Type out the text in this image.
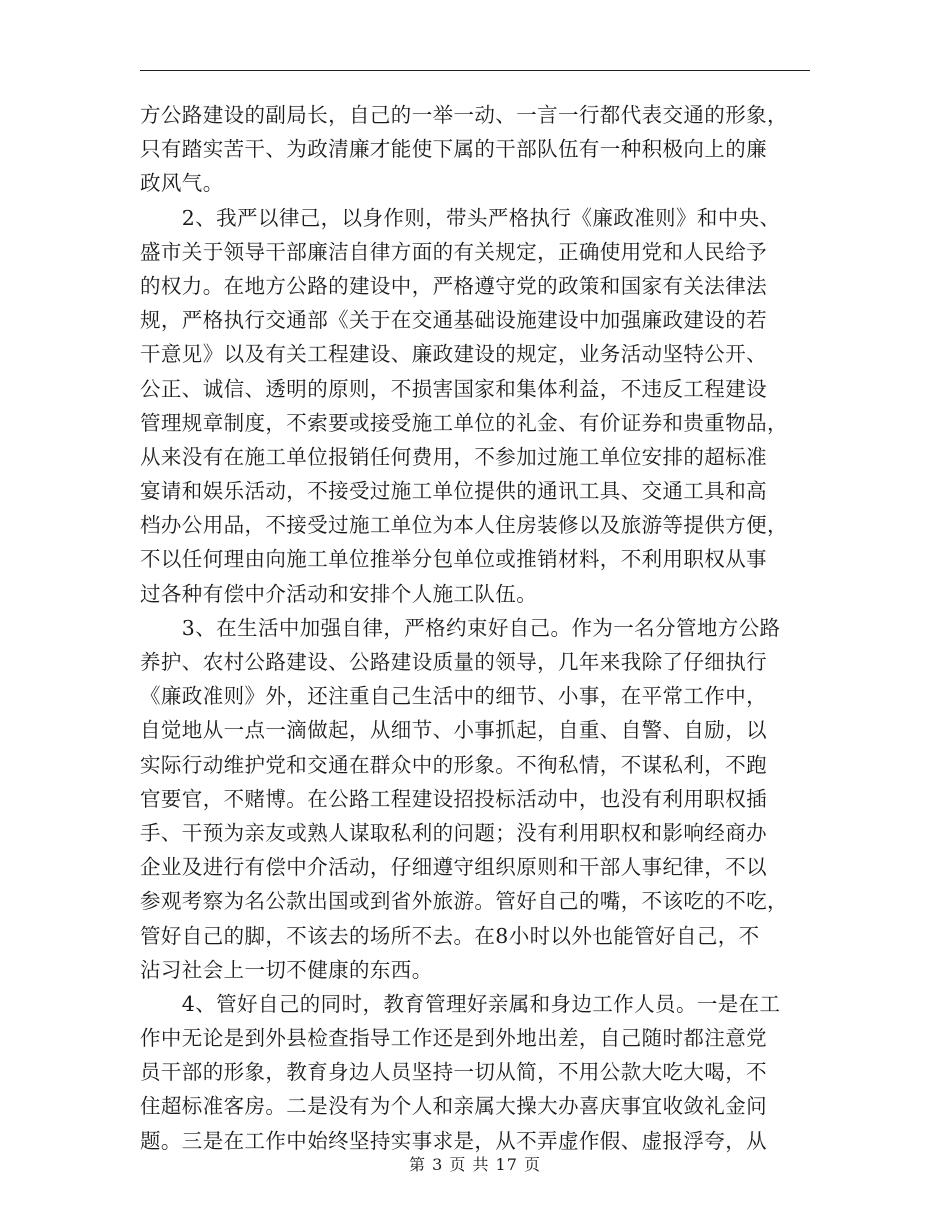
方公路建设的副局长，自己的一举一动、一言一行都代表交通的形象，
只有踏实苦干、为政清廉才能使下属的干部队伍有一种积极向上的廉
政风气。
　　2、我严以律己，以身作则，带头严格执行《廉政准则》和中央、
盛市关于领导干部廉洁自律方面的有关规定，正确使用党和人民给予
的权力。在地方公路的建设中，严格遵守党的政策和国家有关法律法
规，严格执行交通部《关于在交通基础设施建设中加强廉政建设的若
干意见》以及有关工程建设、廉政建设的规定，业务活动坚特公开、
公正、诚信、透明的原则，不损害国家和集体利益，不违反工程建设
管理规章制度，不索要或接受施工单位的礼金、有价证券和贵重物品，
从来没有在施工单位报销任何费用，不参加过施工单位安排的超标准
宴请和娱乐活动，不接受过施工单位提供的通讯工具、交通工具和高
档办公用品，不接受过施工单位为本人住房装修以及旅游等提供方便，
不以任何理由向施工单位推举分包单位或推销材料，不利用职权从事
过各种有偿中介活动和安排个人施工队伍。
　　3、在生活中加强自律，严格约束好自己。作为一名分管地方公路
养护、农村公路建设、公路建设质量的领导，几年来我除了仔细执行
《廉政准则》外，还注重自己生活中的细节、小事，在平常工作中，
自觉地从一点一滴做起，从细节、小事抓起，自重、自警、自励，以
实际行动维护党和交通在群众中的形象。不徇私情，不谋私利，不跑
官要官，不赌博。在公路工程建设招投标活动中，也没有利用职权插
手、干预为亲友或熟人谋取私利的问题；没有利用职权和影响经商办
企业及进行有偿中介活动，仔细遵守组织原则和干部人事纪律，不以
参观考察为名公款出国或到省外旅游。管好自己的嘴，不该吃的不吃，
管好自己的脚，不该去的场所不去。在8小时以外也能管好自己，不
沾习社会上一切不健康的东西。
　　4、管好自己的同时，教育管理好亲属和身边工作人员。一是在工
作中无论是到外县检查指导工作还是到外地出差，自己随时都注意党
员干部的形象，教育身边人员坚持一切从简，不用公款大吃大喝，不
住超标准客房。二是没有为个人和亲属大操大办喜庆事宜收敛礼金问
题。三是在工作中始终坚持实事求是，从不弄虚作假、虚报浮夸，从
第 3 页 共 17 页
